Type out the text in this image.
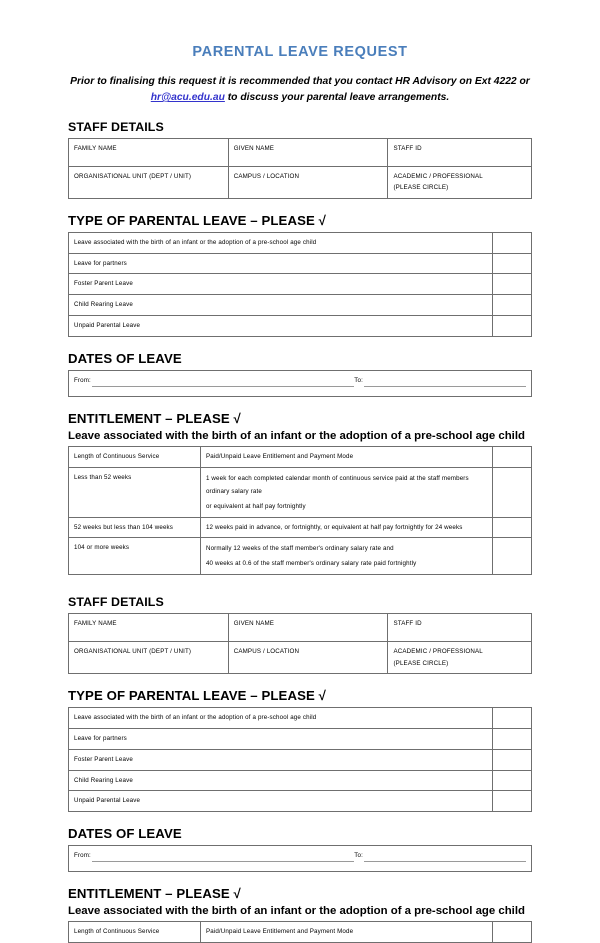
PARENTAL LEAVE REQUEST

Prior to finalising this request it is recommended that you contact HR Advisory on Ext 4222 or hr@acu.edu.au to discuss your parental leave arrangements.

STAFF DETAILS
FAMILY NAME	GIVEN NAME	STAFF ID
ORGANISATIONAL UNIT (DEPT / UNIT)	CAMPUS / LOCATION	ACADEMIC / PROFESSIONAL
(PLEASE CIRCLE)
TYPE OF PARENTAL LEAVE – PLEASE √
Leave associated with the birth of an infant or the adoption of a pre-school age child	
Leave for partners	
Foster Parent Leave	
Child Rearing Leave	
Unpaid Parental Leave	
DATES OF LEAVE
From:	To:
ENTITLEMENT – PLEASE √
Leave associated with the birth of an infant or the adoption of a pre-school age child
Length of Continuous Service	Paid/Unpaid Leave Entitlement and Payment Mode	
Less than 52 weeks	1 week for each completed calendar month of continuous service paid at the staff members ordinary salary rate

or equivalent at half pay fortnightly	

52 weeks but less than 104 weeks	12 weeks paid in advance, or fortnightly, or equivalent at half pay fortnightly for 24 weeks	

104 or more weeks	Normally 12 weeks of the staff member's ordinary salary rate and

40 weeks at 0.6 of the staff member's ordinary salary rate paid fortnightly	

STAFF DETAILS
FAMILY NAME	GIVEN NAME	STAFF ID
ORGANISATIONAL UNIT (DEPT / UNIT)	CAMPUS / LOCATION	ACADEMIC / PROFESSIONAL
(PLEASE CIRCLE)
TYPE OF PARENTAL LEAVE – PLEASE √
Leave associated with the birth of an infant or the adoption of a pre-school age child	
Leave for partners	
Foster Parent Leave	
Child Rearing Leave	
Unpaid Parental Leave	
DATES OF LEAVE
From:	To:
ENTITLEMENT – PLEASE √
Leave associated with the birth of an infant or the adoption of a pre-school age child
Length of Continuous Service	Paid/Unpaid Leave Entitlement and Payment Mode	
